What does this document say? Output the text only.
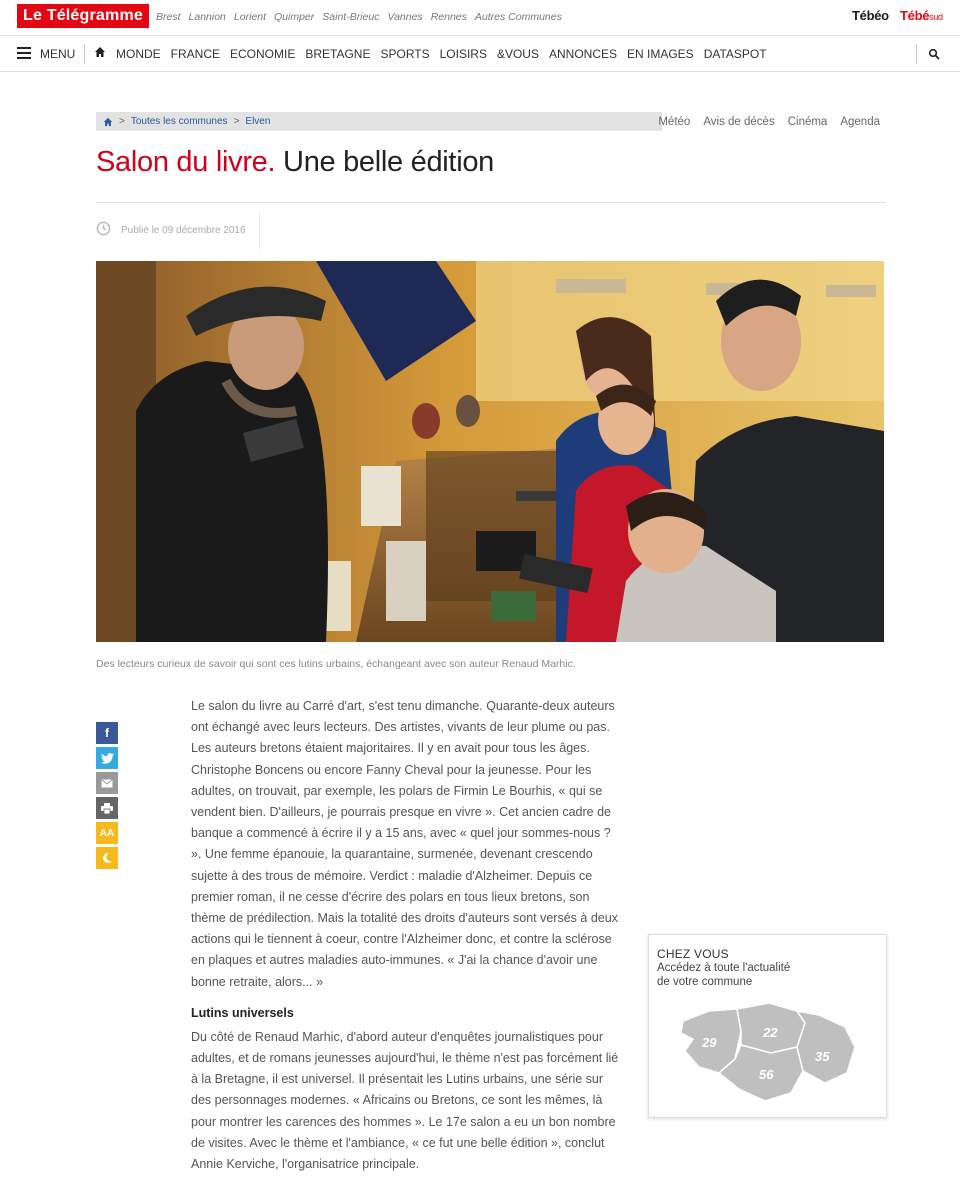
Le Télégramme	Brest Lannion Lorient Quimper Saint-Brieuc Vannes Rennes Autres Communes	Tébéo Tébésud
MENU	MONDE FRANCE ECONOMIE BRETAGNE SPORTS LOISIRS &VOUS ANNONCES EN IMAGES DATASPOT
> Toutes les communes > Elven	Météo Avis de décès Cinéma Agenda
Salon du livre. Une belle édition
Publié le 09 décembre 2016
Des lecteurs curieux de savoir qui sont ces lutins urbains, échangeant avec son auteur Renaud Marhic.
f
AA

Le salon du livre au Carré d'art, s'est tenu dimanche. Quarante-deux auteurs ont échangé avec leurs lecteurs. Des artistes, vivants de leur plume ou pas. Les auteurs bretons étaient majoritaires. Il y en avait pour tous les âges. Christophe Boncens ou encore Fanny Cheval pour la jeunesse. Pour les adultes, on trouvait, par exemple, les polars de Firmin Le Bourhis, « qui se vendent bien. D'ailleurs, je pourrais presque en vivre ». Cet ancien cadre de banque a commencé à écrire il y a 15 ans, avec « quel jour sommes-nous ? ». Une femme épanouie, la quarantaine, surmenée, devenant crescendo sujette à des trous de mémoire. Verdict : maladie d'Alzheimer. Depuis ce premier roman, il ne cesse d'écrire des polars en tous lieux bretons, son thème de prédilection. Mais la totalité des droits d'auteurs sont versés à deux actions qui le tiennent à coeur, contre l'Alzheimer donc, et contre la sclérose en plaques et autres maladies auto-immunes. « J'ai la chance d'avoir une bonne retraite, alors... »

Lutins universels

Du côté de Renaud Marhic, d'abord auteur d'enquêtes journalistiques pour adultes, et de romans jeunesses aujourd'hui, le thème n'est pas forcément lié à la Bretagne, il est universel. Il présentait les Lutins urbains, une série sur des personnages modernes. « Africains ou Bretons, ce sont les mêmes, là pour montrer les carences des hommes ». Le 17e salon a eu un bon nombre de visites. Avec le thème et l'ambiance, « ce fut une belle édition », conclut Annie Kerviche, l'organisatrice principale.

CHEZ VOUS
Accédez à toute l'actualité
de votre commune
29
22
56
35
